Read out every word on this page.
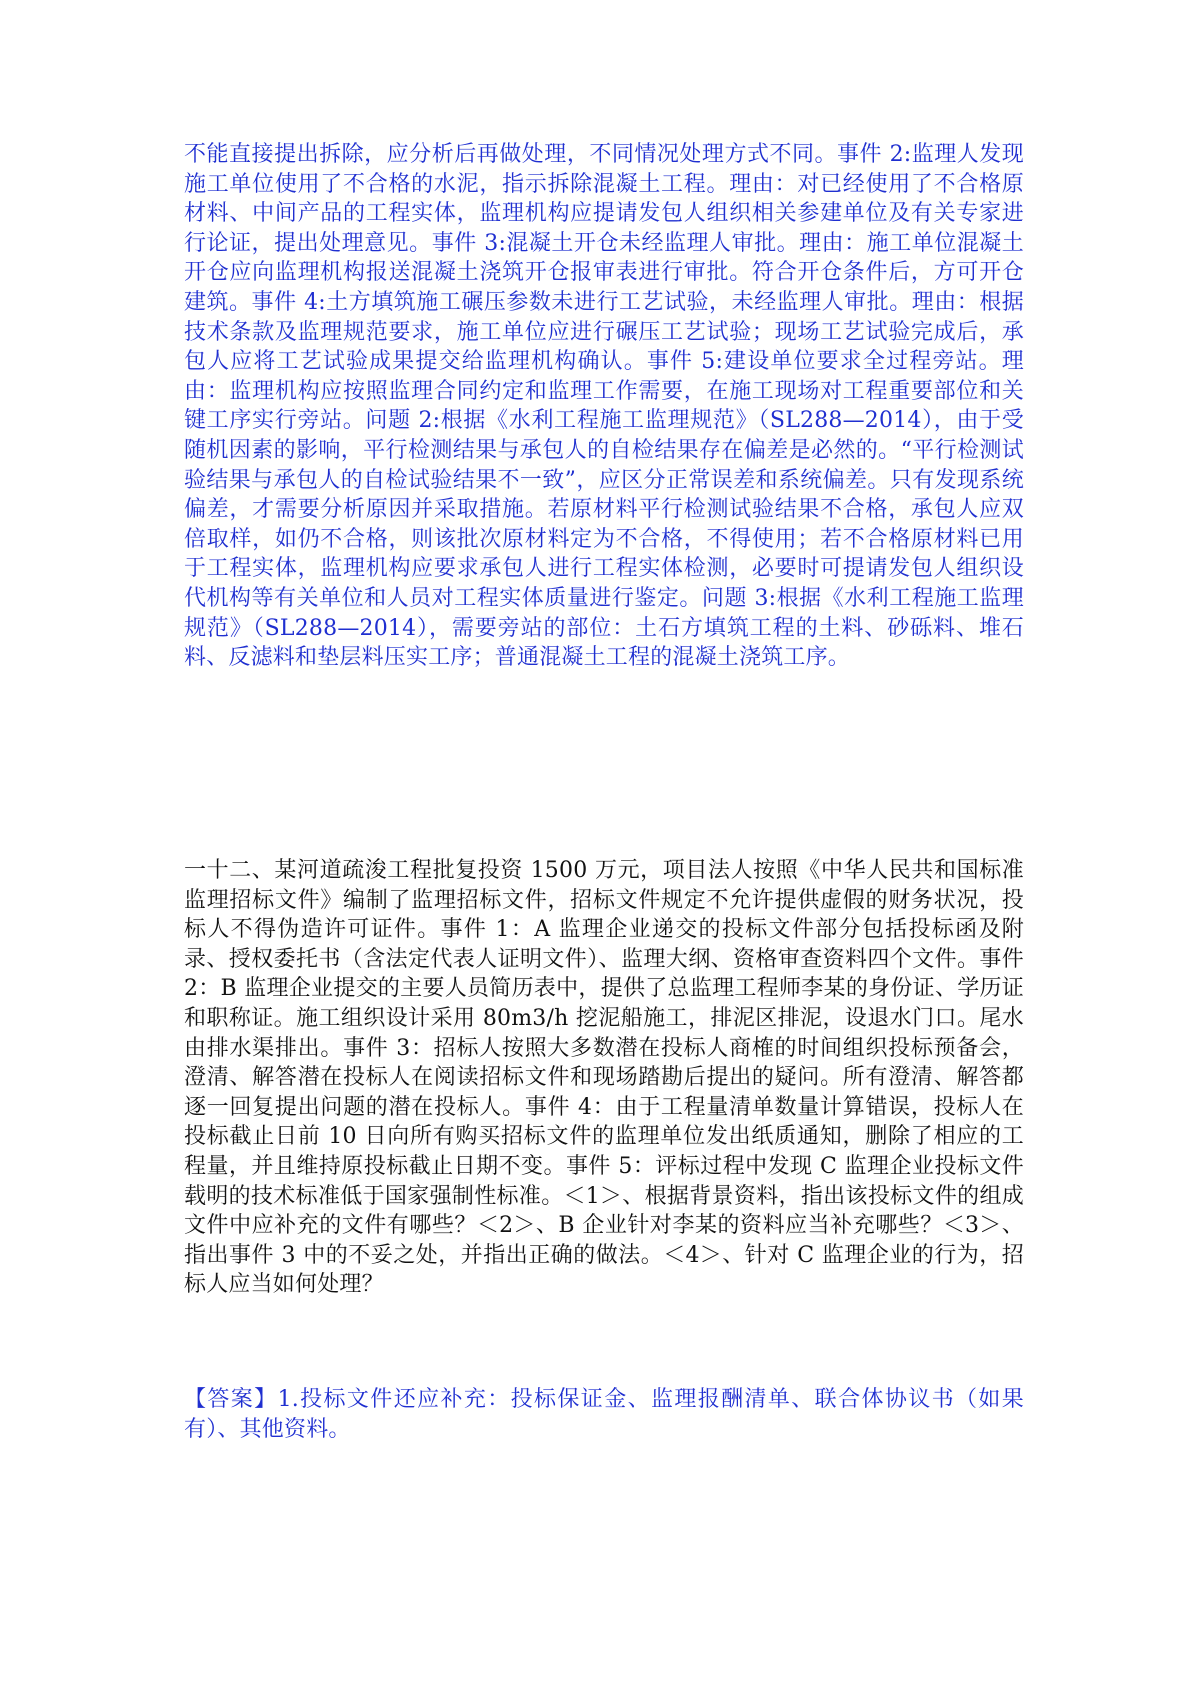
不能直接提出拆除，应分析后再做处理，不同情况处理方式不同。事件 2:监理人发现施工单位使用了不合格的水泥，指示拆除混凝土工程。理由：对已经使用了不合格原材料、中间产品的工程实体，监理机构应提请发包人组织相关参建单位及有关专家进行论证，提出处理意见。事件 3:混凝土开仓未经监理人审批。理由：施工单位混凝土开仓应向监理机构报送混凝土浇筑开仓报审表进行审批。符合开仓条件后，方可开仓建筑。事件 4:土方填筑施工碾压参数未进行工艺试验，未经监理人审批。理由：根据技术条款及监理规范要求，施工单位应进行碾压工艺试验；现场工艺试验完成后，承包人应将工艺试验成果提交给监理机构确认。事件 5:建设单位要求全过程旁站。理由：监理机构应按照监理合同约定和监理工作需要，在施工现场对工程重要部位和关键工序实行旁站。问题 2:根据《水利工程施工监理规范》（SL288—2014），由于受随机因素的影响，平行检测结果与承包人的自检结果存在偏差是必然的。“平行检测试验结果与承包人的自检试验结果不一致”，应区分正常误差和系统偏差。只有发现系统偏差，才需要分析原因并采取措施。若原材料平行检测试验结果不合格，承包人应双倍取样，如仍不合格，则该批次原材料定为不合格，不得使用；若不合格原材料已用于工程实体，监理机构应要求承包人进行工程实体检测，必要时可提请发包人组织设代机构等有关单位和人员对工程实体质量进行鉴定。问题 3:根据《水利工程施工监理规范》（SL288—2014），需要旁站的部位：土石方填筑工程的土料、砂砾料、堆石料、反滤料和垫层料压实工序；普通混凝土工程的混凝土浇筑工序。
一十二、某河道疏浚工程批复投资 1500 万元，项目法人按照《中华人民共和国标准监理招标文件》编制了监理招标文件，招标文件规定不允许提供虚假的财务状况，投标人不得伪造许可证件。事件 1：A 监理企业递交的投标文件部分包括投标函及附录、授权委托书（含法定代表人证明文件）、监理大纲、资格审查资料四个文件。事件 2：B 监理企业提交的主要人员简历表中，提供了总监理工程师李某的身份证、学历证和职称证。施工组织设计采用 80m3/h 挖泥船施工，排泥区排泥，设退水门口。尾水由排水渠排出。事件 3：招标人按照大多数潜在投标人商榷的时间组织投标预备会，澄清、解答潜在投标人在阅读招标文件和现场踏勘后提出的疑问。所有澄清、解答都逐一回复提出问题的潜在投标人。事件 4：由于工程量清单数量计算错误，投标人在投标截止日前 10 日向所有购买招标文件的监理单位发出纸质通知，删除了相应的工程量，并且维持原投标截止日期不变。事件 5：评标过程中发现 C 监理企业投标文件载明的技术标准低于国家强制性标准。＜1＞、根据背景资料，指出该投标文件的组成文件中应补充的文件有哪些？＜2＞、B 企业针对李某的资料应当补充哪些？＜3＞、指出事件 3 中的不妥之处，并指出正确的做法。＜4＞、针对 C 监理企业的行为，招标人应当如何处理？
【答案】1.投标文件还应补充：投标保证金、监理报酬清单、联合体协议书（如果有）、其他资料。
